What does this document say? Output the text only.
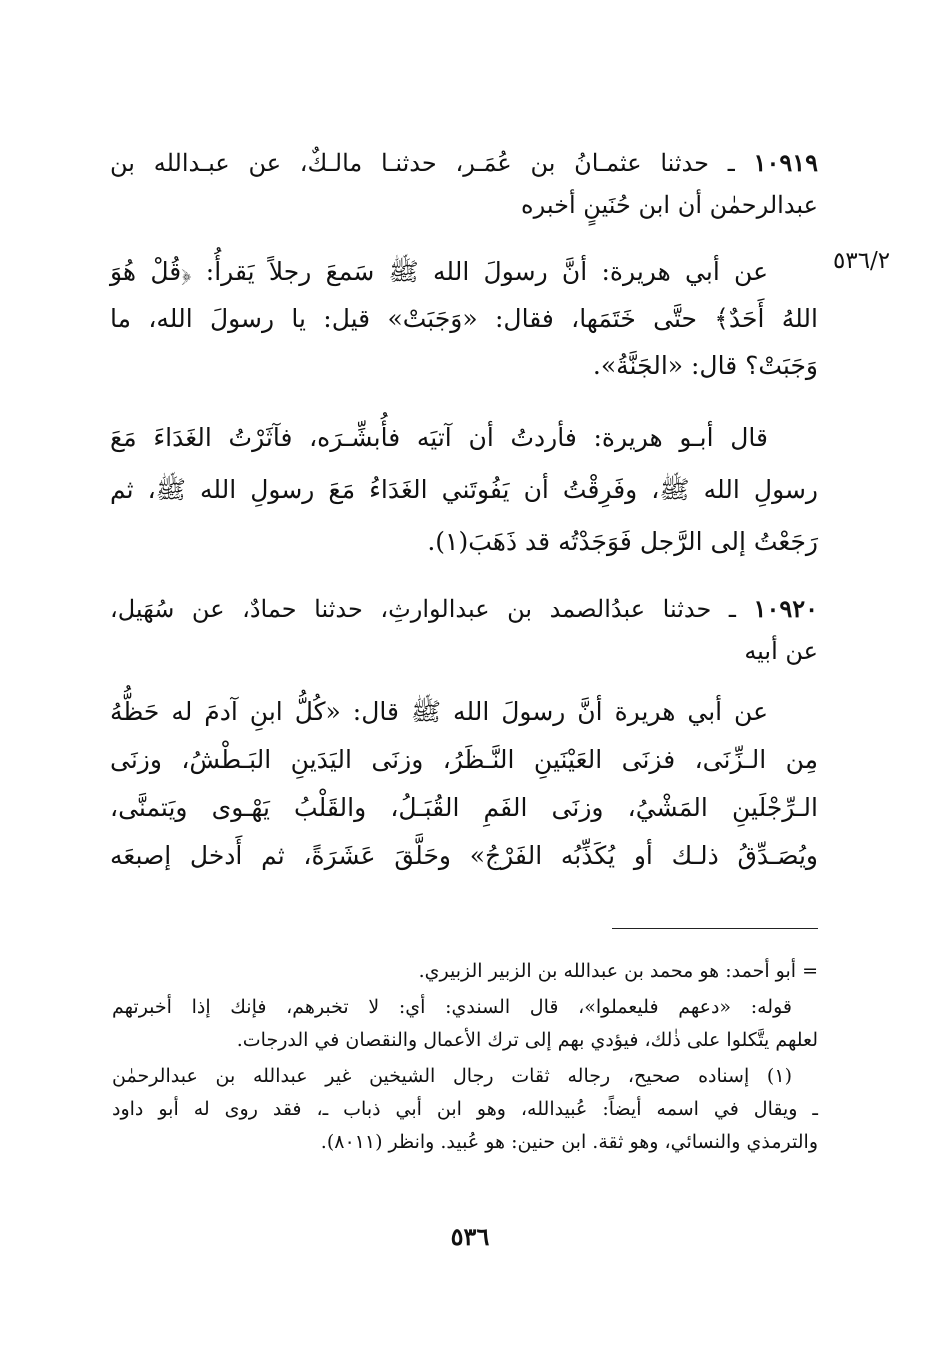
١٠٩١٩ ـ حدثنا عثمـانُ بن عُمَـر، حدثنـا مالـكٌ، عن عبـدالله بن
عبدالرحمٰن أن ابن حُنَينٍ أخبره
٥٣٦/٢
عن أبي هريرة: أنَّ رسولَ الله ﷺ سَمعَ رجلاً يَقرأُ: ﴿قُلْ هُوَ
اللهُ أَحَدٌ﴾ حتَّى خَتَمَها، فقال: «وَجَبَتْ» قيل: يا رسولَ الله، ما
وَجَبَتْ؟ قال: «الجَنَّةُ».
قال أبـو هريرة: فأردتُ أن آتيَه فأُبشِّـرَه، فآثَرْتُ الغَدَاءَ مَعَ
رسولِ الله ﷺ، وفَرِقْتُ أن يَفُوتَني الغَدَاءُ مَعَ رسولِ الله ﷺ، ثم
رَجَعْتُ إلى الرَّجل فَوَجَدْتُه قد ذَهَبَ(١).
١٠٩٢٠ ـ حدثنا عبدُالصمد بن عبدالوارثِ، حدثنا حمادٌ، عن سُهَيل،
عن أبيه
عن أبي هريرة أنَّ رسولَ الله ﷺ قال: «كُلُّ ابنِ آدمَ له حَظُّهُ
مِن الـزِّنَى، فزنَى العَيْنَينِ النَّـظَرُ، وزنَى اليَدَينِ البَـطْشُ، وزنَى
الـرِّجْلَينِ المَشْيُ، وزنَى الفَمِ القُبَـلُ، والقَلْبُ يَهْـوى ويَتمنَّى،
ويُصَـدِّقُ ذلـك أو يُكَذِّبُه الفَرْجُ» وحَلَّقَ عَشَرَةً، ثم أَدخل إصبعَه
= أبو أحمد: هو محمد بن عبدالله بن الزبير الزبيري.
قوله: «دعهم فليعملوا»، قال السندي: أي: لا تخبرهم، فإنك إذا أخبرتهم
لعلهم يتَّكلوا على ذٰلك، فيؤدي بهم إلى ترك الأعمال والنقصان في الدرجات.
(١) إسناده صحيح، رجاله ثقات رجال الشيخين غير عبدالله بن عبدالرحمٰن
ـ ويقال في اسمه أيضاً: عُبيدالله، وهو ابن أبي ذباب ـ، فقد روى له أبو داود
والترمذي والنسائي، وهو ثقة. ابن حنين: هو عُبيد. وانظر (٨٠١١).
٥٣٦
